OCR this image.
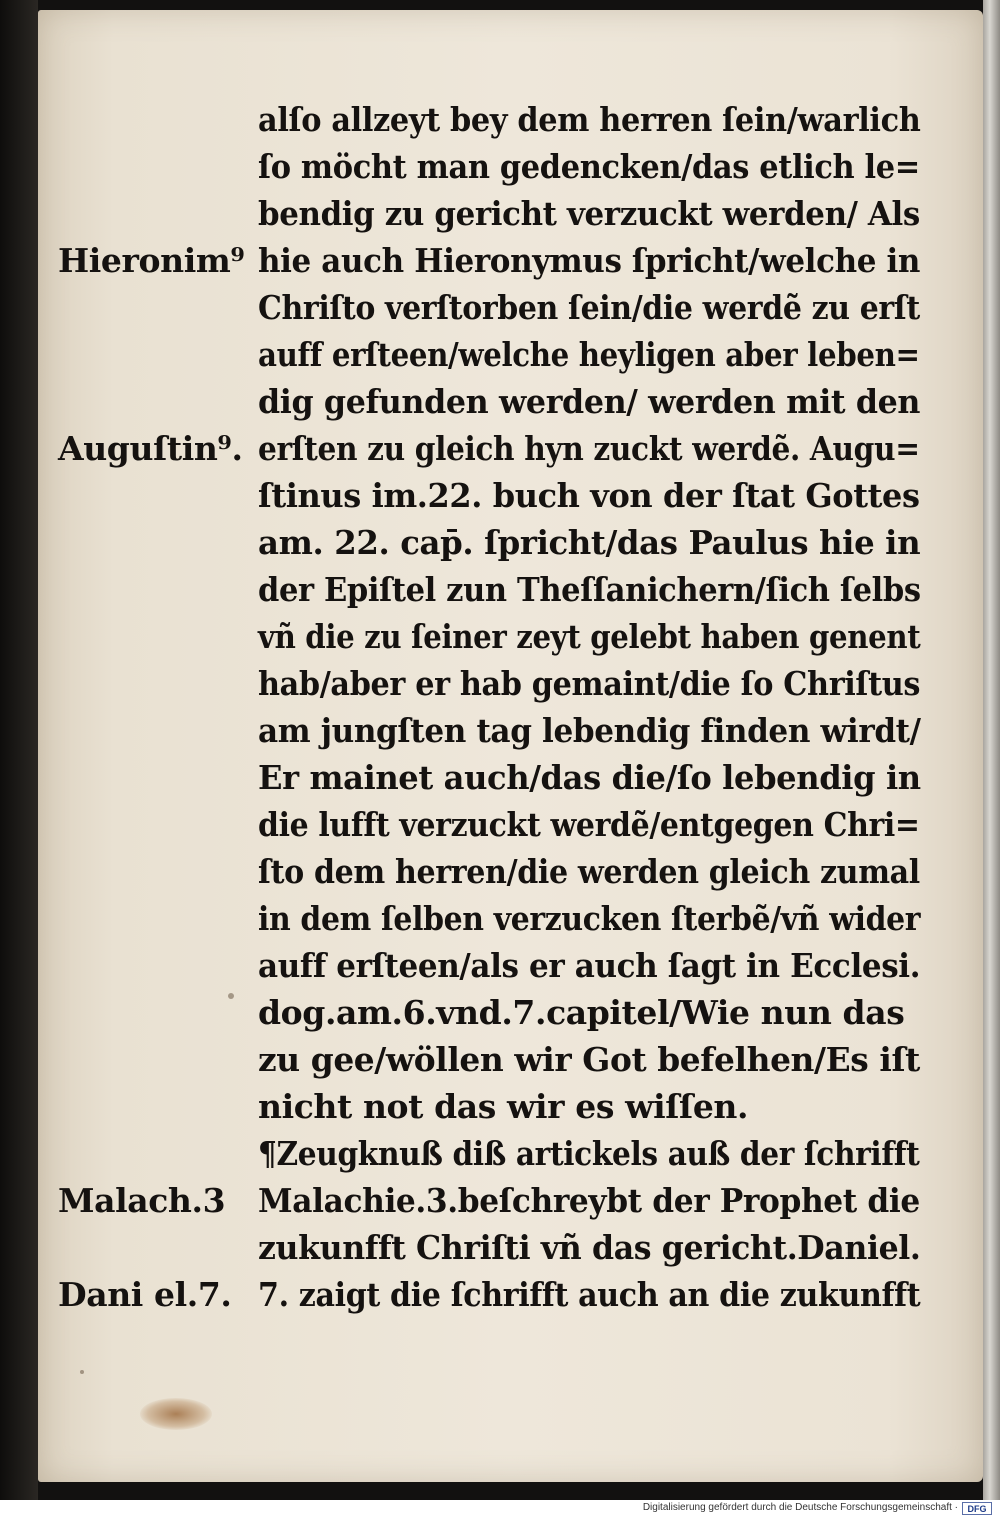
alſo allzeyt bey dem herren ſein/warlich
ſo möcht man gedencken/das etlich le=
bendig zu gericht verzuckt werden/ Als
hie auch Hieronymus ſpricht/welche in
Chriſto verſtorben ſein/die werdẽ zu erſt
auff erſteen/welche heyligen aber leben=
dig gefunden werden/ werden mit den
erſten zu gleich hyn zuckt werdẽ. Augu=
ſtinus im.22. buch von der ſtat Gottes
am. 22. cap̄. ſpricht/das Paulus hie in
der Epiſtel zun Theſſanichern/ſich ſelbs
vñ die zu ſeiner zeyt gelebt haben genent
hab/aber er hab gemaint/die ſo Chriſtus
am jungſten tag lebendig finden wirdt/
Er mainet auch/das die/ſo lebendig in
die lufft verzuckt werdẽ/entgegen Chri=
ſto dem herren/die werden gleich zumal
in dem ſelben verzucken ſterbẽ/vñ wider
auff erſteen/als er auch ſagt in Ecclesi.
dog.am.6.vnd.7.capitel/Wie nun das
zu gee/wöllen wir Got befelhen/Es iſt
nicht not das wir es wiſſen.
¶Zeugknuß diß artickels auß der ſchrifft
Malachie.3.beſchreybt der Prophet die
zukunfft Chriſti vñ das gericht.Daniel.
7. zaigt die ſchrifft auch an die zukunfft
Hieronim⁹
Auguſtin⁹.
Malach.3
Dani el.7.
Digitalisierung gefördert durch die Deutsche Forschungsgemeinschaft ·	DFG
